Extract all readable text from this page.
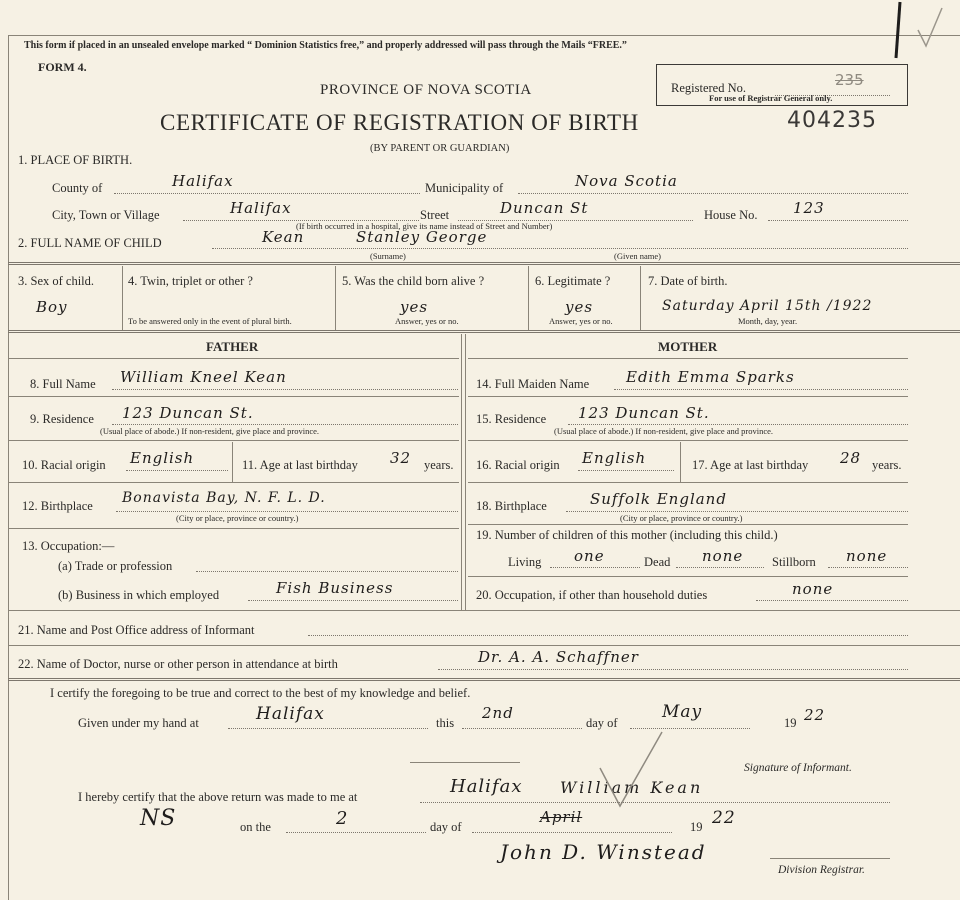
This form if placed in an unsealed envelope marked “ Dominion Statistics free,” and properly addressed will pass through the Mails “FREE.”
FORM 4.
PROVINCE OF NOVA SCOTIA
CERTIFICATE OF REGISTRATION OF BIRTH
(BY PARENT OR GUARDIAN)
404235
Registered No.	235
For use of Registrar General only.
1. PLACE OF BIRTH.
County of	Halifax	Municipality of	Nova Scotia
City, Town or Village	Halifax
(If birth occurred in a hospital, give its name instead of Street and Number)
Street	Duncan St	House No. 123
2. FULL NAME OF CHILD	Kean	Stanley George
(Surname)	(Given name)
3. Sex of child.
Boy
4. Twin, triplet or other ?
To be answered only in the event of plural birth.
5. Was the child born alive ?
yes
Answer, yes or no.
6. Legitimate ?
yes
Answer, yes or no.
7. Date of birth.
Saturday April 15th /1922
Month, day, year.
FATHER	MOTHER
8. Full Name William Kneel Kean
9. Residence 123 Duncan St.
(Usual place of abode.) If non-resident, give place and province.
10. Racial origin English	11. Age at last birthday 32 years.
12. Birthplace Bonavista Bay, N. F. L. D.
(City or place, province or country.)
13. Occupation:—
(a) Trade or profession
(b) Business in which employed	Fish Business
14. Full Maiden Name Edith Emma Sparks
15. Residence 123 Duncan St.
(Usual place of abode.) If non-resident, give place and province.
16. Racial origin English	17. Age at last birthday 28 years.
18. Birthplace	Suffolk England
(City or place, province or country.)
19. Number of children of this mother (including this child.)
Living one	Dead none Stillborn none
20. Occupation, if other than household duties	none
21. Name and Post Office address of Informant
22. Name of Doctor, nurse or other person in attendance at birth	Dr. A. A. Schaffner
I certify the foregoing to be true and correct to the best of my knowledge and belief.
Given under my hand at	Halifax	this
2nd
day of
May
19 22
William Kean
Signature of Informant.
I hereby certify that the above return was made to me at	Halifax
NS	on the	2	day of
April
19 22
John D. Winstead
Division Registrar.
